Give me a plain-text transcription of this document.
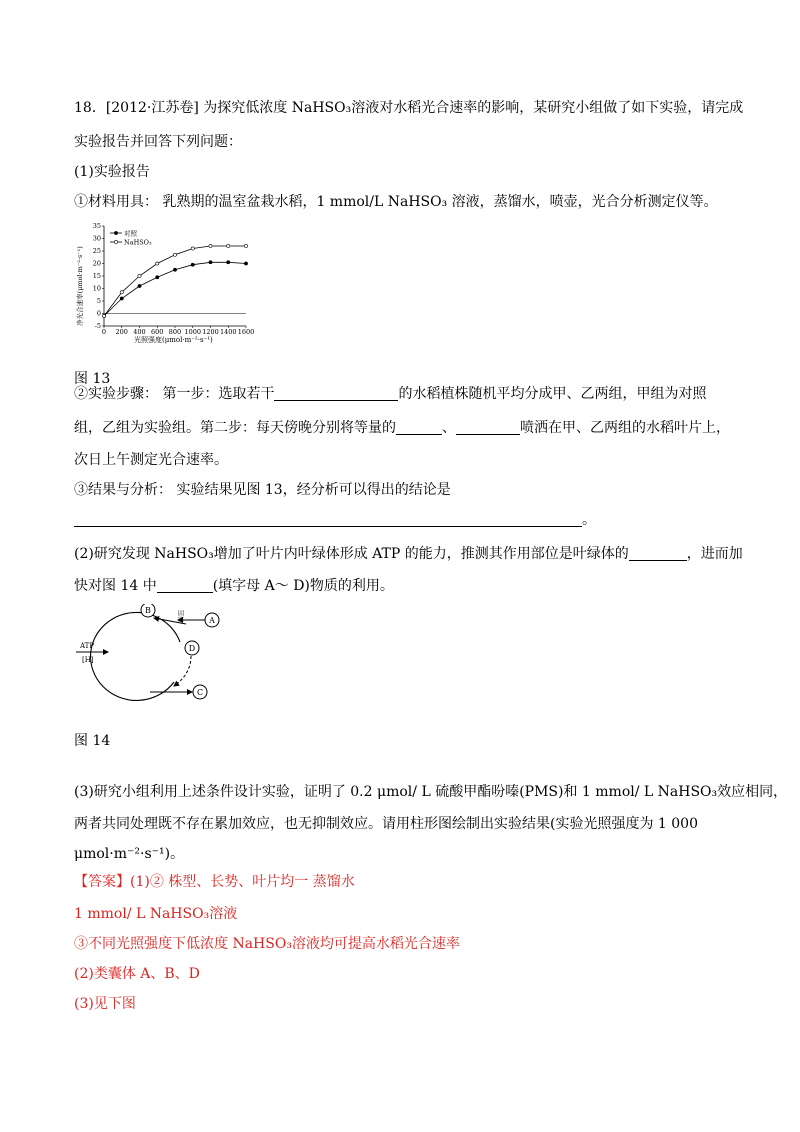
18．[2012·江苏卷] 为探究低浓度 NaHSO₃溶液对水稻光合速率的影响，某研究小组做了如下实验，请完成

实验报告并回答下列问题：

(1)实验报告

①材料用具： 乳熟期的温室盆栽水稻，1 mmol/L NaHSO₃ 溶液，蒸馏水，喷壶，光合分析测定仪等。

-5
0
5
10
15
20
25
30
35
0 200 400 600 800 1000 1200 1400 1600
对照
NaHSO₃
净光合速率(μmol·m⁻²·s⁻¹)
光照强度(μmol·m⁻²·s⁻¹)

图 13

②实验步骤： 第一步：选取若干	的水稻植株随机平均分成甲、乙两组，甲组为对照

组，乙组为实验组。第二步：每天傍晚分别将等量的	、	喷洒在甲、乙两组的水稻叶片上，

次日上午测定光合速率。

③结果与分析： 实验结果见图 13，经分析可以得出的结论是

。

(2)研究发现 NaHSO₃增加了叶片内叶绿体形成 ATP 的能力，推测其作用部位是叶绿体的	，进而加

快对图 14 中	(填字母 A～ D)物质的利用。

B
A
D
C
固定
ATP
[H]

图 14

(3)研究小组利用上述条件设计实验，证明了 0.2 μmol/ L 硫酸甲酯吩嗪(PMS)和 1 mmol/ L NaHSO₃效应相同，

两者共同处理既不存在累加效应，也无抑制效应。请用柱形图绘制出实验结果(实验光照强度为 1 000

μmol·m⁻²·s⁻¹)。

【答案】(1)② 株型、长势、叶片均一 蒸馏水

1 mmol/ L NaHSO₃溶液

③不同光照强度下低浓度 NaHSO₃溶液均可提高水稻光合速率

(2)类囊体 A、B、D

(3)见下图
